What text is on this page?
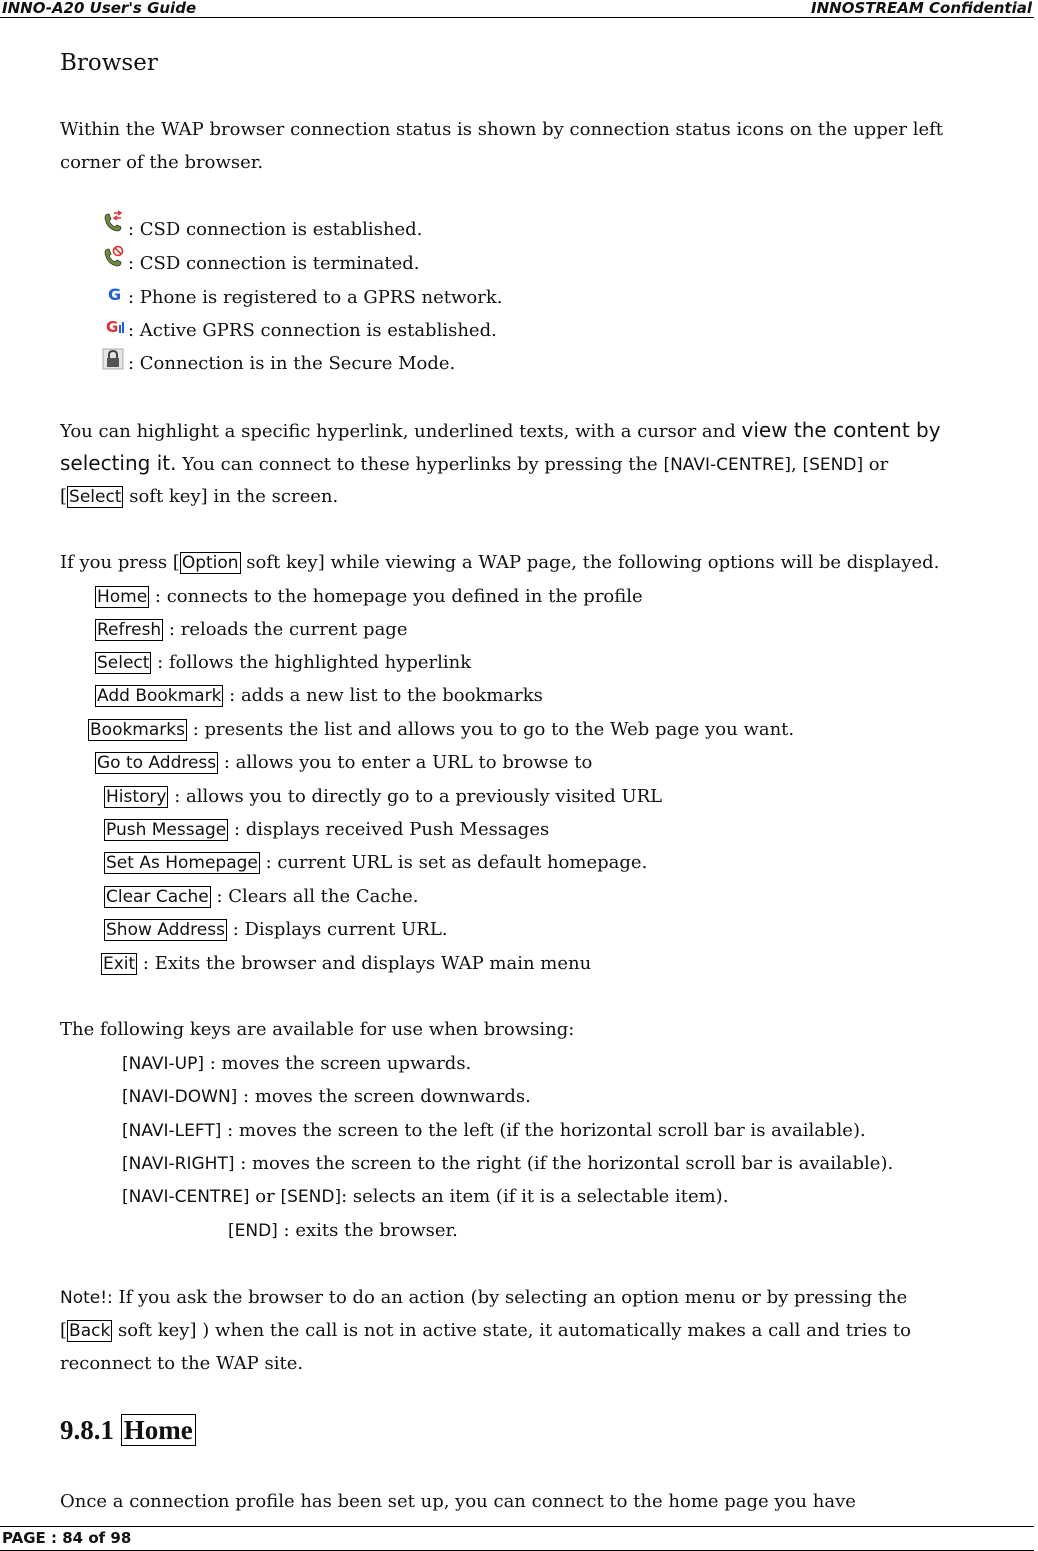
INNO-A20 User's Guide	INNOSTREAM Confidential
Browser
Within the WAP browser connection status is shown by connection status icons on the upper left
corner of the browser.
: CSD connection is established.
: CSD connection is terminated.
G : Phone is registered to a GPRS network.
G : Active GPRS connection is established.
: Connection is in the Secure Mode.
You can highlight a specific hyperlink, underlined texts, with a cursor and view the content by
selecting it. You can connect to these hyperlinks by pressing the [NAVI-CENTRE], [SEND] or
[ Select soft key] in the screen.
If you press [ Option soft key] while viewing a WAP page, the following options will be displayed.
Home : connects to the homepage you defined in the profile
Refresh : reloads the current page
Select : follows the highlighted hyperlink
Add Bookmark : adds a new list to the bookmarks
Bookmarks : presents the list and allows you to go to the Web page you want.
Go to Address : allows you to enter a URL to browse to
History : allows you to directly go to a previously visited URL
Push Message : displays received Push Messages
Set As Homepage : current URL is set as default homepage.
Clear Cache : Clears all the Cache.
Show Address : Displays current URL.
Exit : Exits the browser and displays WAP main menu
The following keys are available for use when browsing:
[NAVI-UP] : moves the screen upwards.
[NAVI-DOWN] : moves the screen downwards.
[NAVI-LEFT] : moves the screen to the left (if the horizontal scroll bar is available).
[NAVI-RIGHT] : moves the screen to the right (if the horizontal scroll bar is available).
[NAVI-CENTRE] or [SEND]: selects an item (if it is a selectable item).
[END] : exits the browser.
Note!: If you ask the browser to do an action (by selecting an option menu or by pressing the
[ Back soft key] ) when the call is not in active state, it automatically makes a call and tries to
reconnect to the WAP site.
9.8.1 Home
Once a connection profile has been set up, you can connect to the home page you have
PAGE : 84 of 98
